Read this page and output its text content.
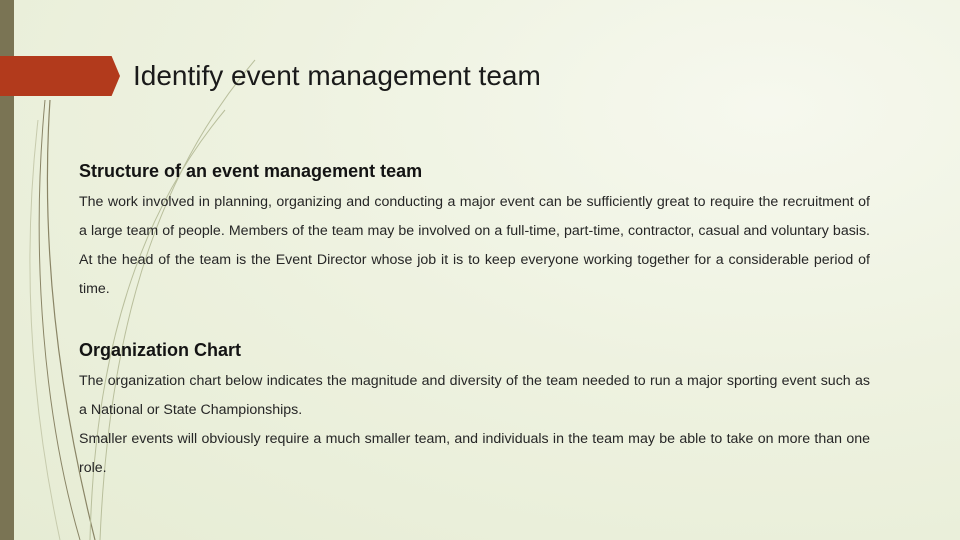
Identify event management team
Structure of an event management team

The work involved in planning, organizing and conducting a major event can be sufficiently great to require the recruitment of a large team of people. Members of the team may be involved on a full-time, part-time, contractor, casual and voluntary basis. At the head of the team is the Event Director whose job it is to keep everyone working together for a considerable period of time.

Organization Chart

The organization chart below indicates the magnitude and diversity of the team needed to run a major sporting event such as a National or State Championships.

Smaller events will obviously require a much smaller team, and individuals in the team may be able to take on more than one role.
